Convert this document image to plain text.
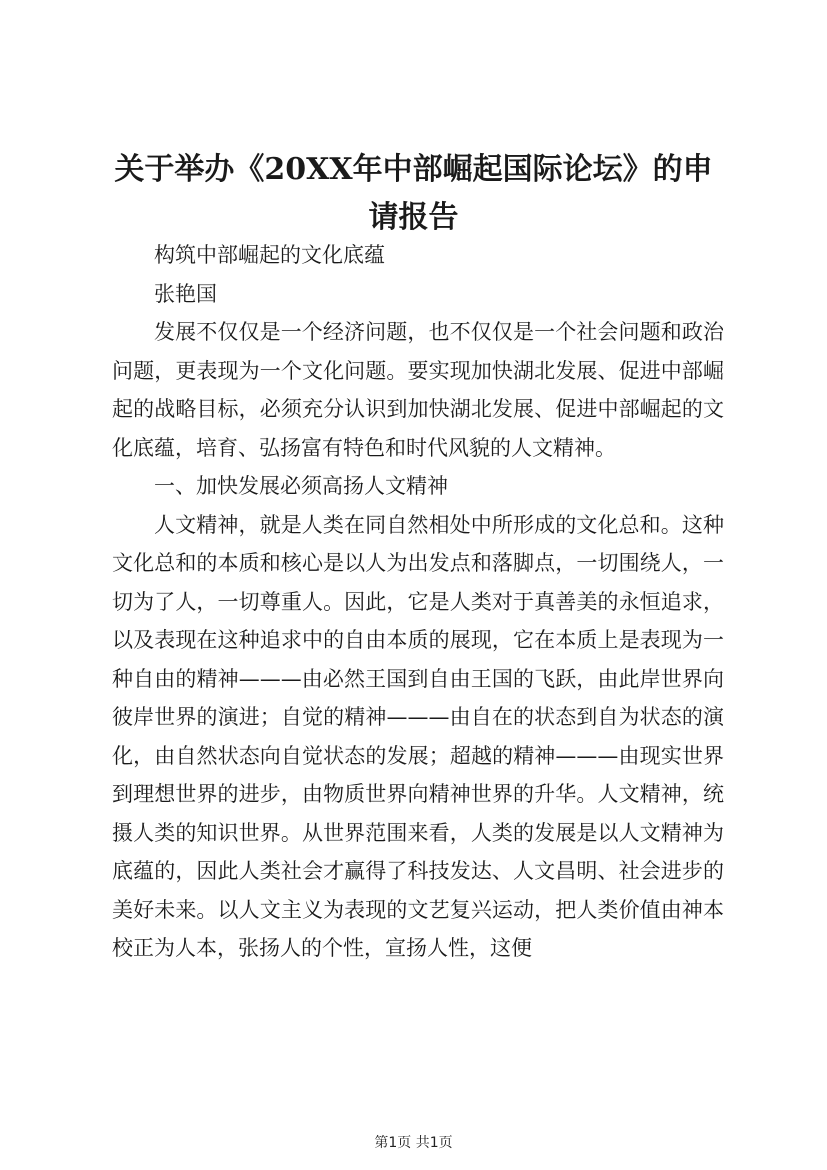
关于举办《20XX年中部崛起国际论坛》的申
请报告

构筑中部崛起的文化底蕴

张艳国

发展不仅仅是一个经济问题，也不仅仅是一个社会问题和政治问题，更表现为一个文化问题。要实现加快湖北发展、促进中部崛起的战略目标，必须充分认识到加快湖北发展、促进中部崛起的文化底蕴，培育、弘扬富有特色和时代风貌的人文精神。

一、加快发展必须高扬人文精神

人文精神，就是人类在同自然相处中所形成的文化总和。这种文化总和的本质和核心是以人为出发点和落脚点，一切围绕人，一切为了人，一切尊重人。因此，它是人类对于真善美的永恒追求，以及表现在这种追求中的自由本质的展现，它在本质上是表现为一种自由的精神———由必然王国到自由王国的飞跃，由此岸世界向彼岸世界的演进；自觉的精神———由自在的状态到自为状态的演化，由自然状态向自觉状态的发展；超越的精神———由现实世界到理想世界的进步，由物质世界向精神世界的升华。人文精神，统摄人类的知识世界。从世界范围来看，人类的发展是以人文精神为底蕴的，因此人类社会才赢得了科技发达、人文昌明、社会进步的美好未来。以人文主义为表现的文艺复兴运动，把人类价值由神本校正为人本，张扬人的个性，宣扬人性，这便

第1页 共1页
